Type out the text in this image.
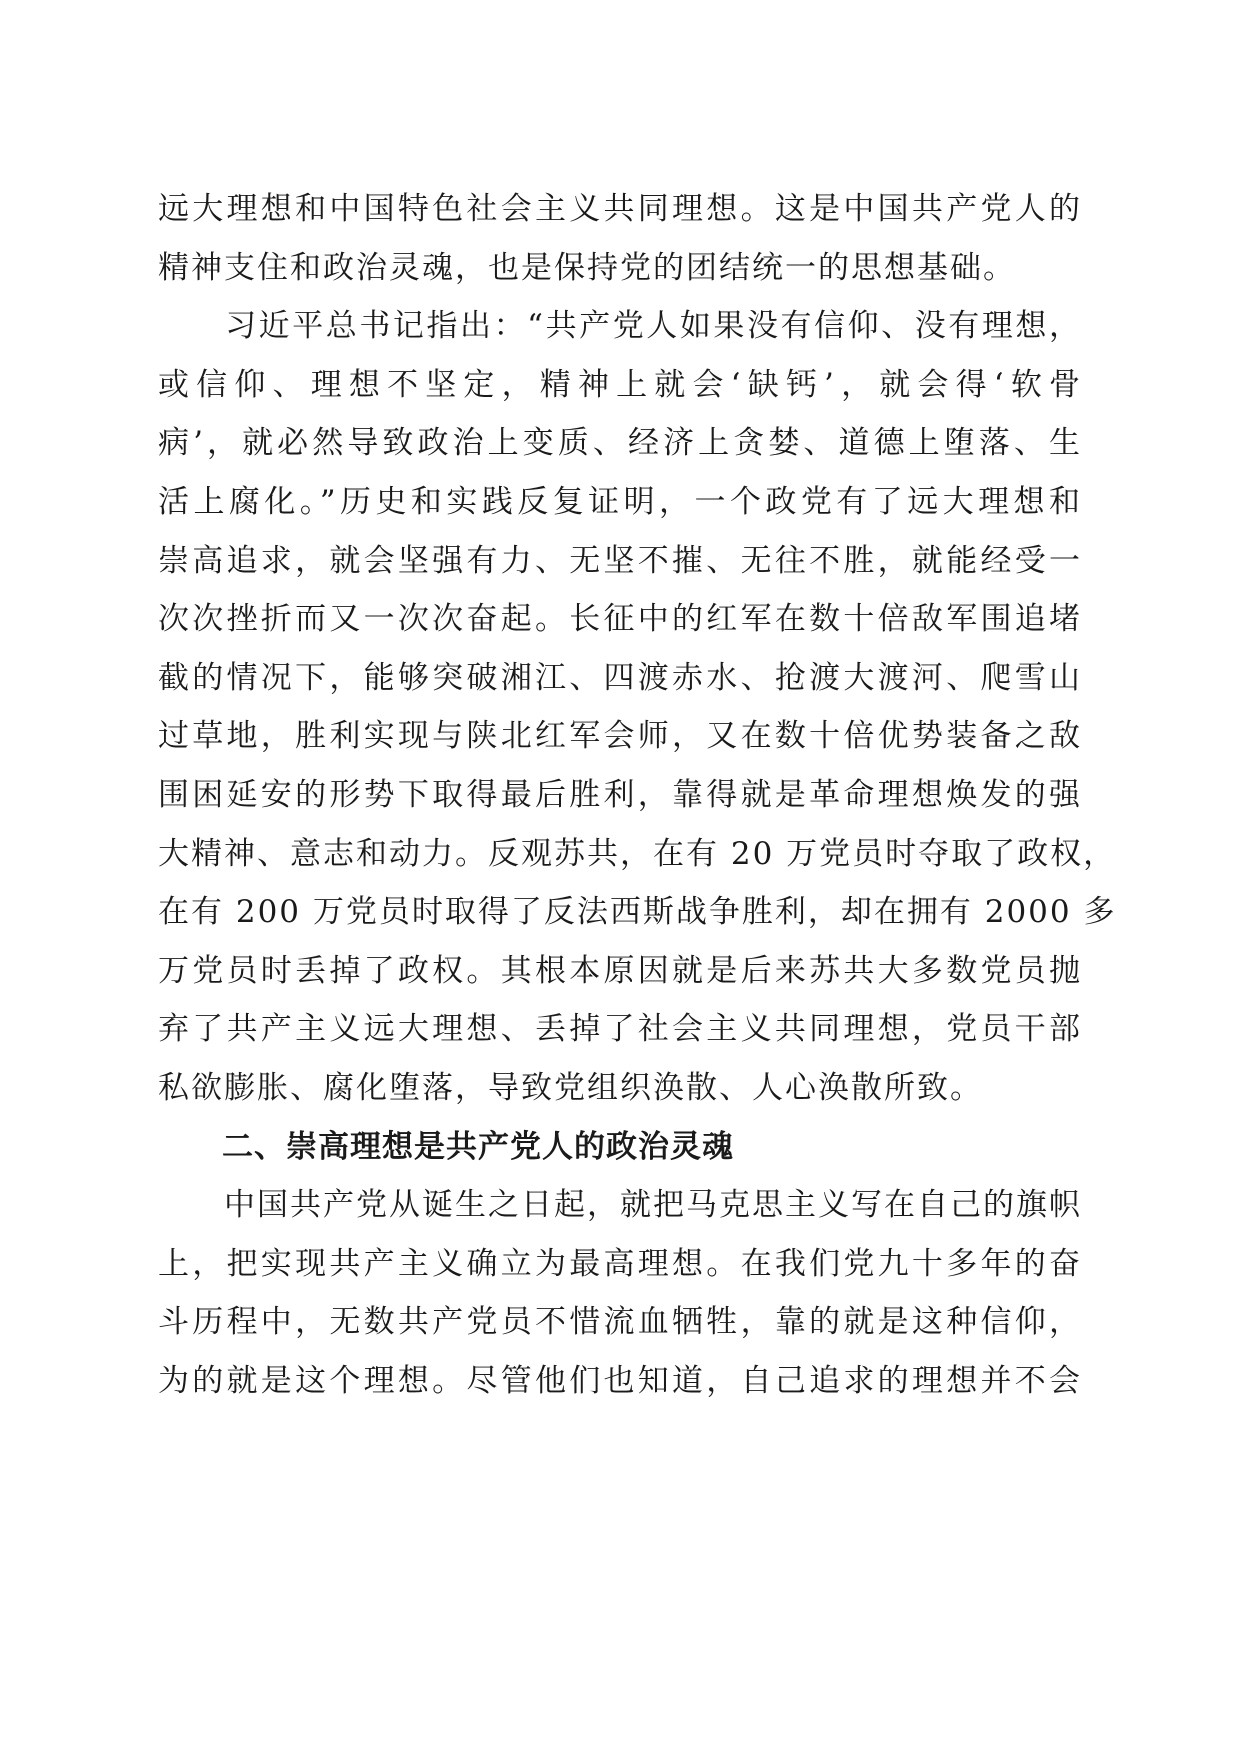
远大理想和中国特色社会主义共同理想。这是中国共产党人的
精神支住和政治灵魂，也是保持党的团结统一的思想基础。
　　习近平总书记指出：“共产党人如果没有信仰、没有理想，
或信仰、理想不坚定，精神上就会‘缺钙’，就会得‘软骨
病’，就必然导致政治上变质、经济上贪婪、道德上堕落、生
活上腐化。”历史和实践反复证明，一个政党有了远大理想和
崇高追求，就会坚强有力、无坚不摧、无往不胜，就能经受一
次次挫折而又一次次奋起。长征中的红军在数十倍敌军围追堵
截的情况下，能够突破湘江、四渡赤水、抢渡大渡河、爬雪山
过草地，胜利实现与陕北红军会师，又在数十倍优势装备之敌
围困延安的形势下取得最后胜利，靠得就是革命理想焕发的强
大精神、意志和动力。反观苏共，在有 20 万党员时夺取了政权，
在有 200 万党员时取得了反法西斯战争胜利，却在拥有 2000 多
万党员时丢掉了政权。其根本原因就是后来苏共大多数党员抛
弃了共产主义远大理想、丢掉了社会主义共同理想，党员干部
私欲膨胀、腐化堕落，导致党组织涣散、人心涣散所致。
　　二、崇高理想是共产党人的政治灵魂
　　中国共产党从诞生之日起，就把马克思主义写在自己的旗帜
上，把实现共产主义确立为最高理想。在我们党九十多年的奋
斗历程中，无数共产党员不惜流血牺牲，靠的就是这种信仰，
为的就是这个理想。尽管他们也知道，自己追求的理想并不会
